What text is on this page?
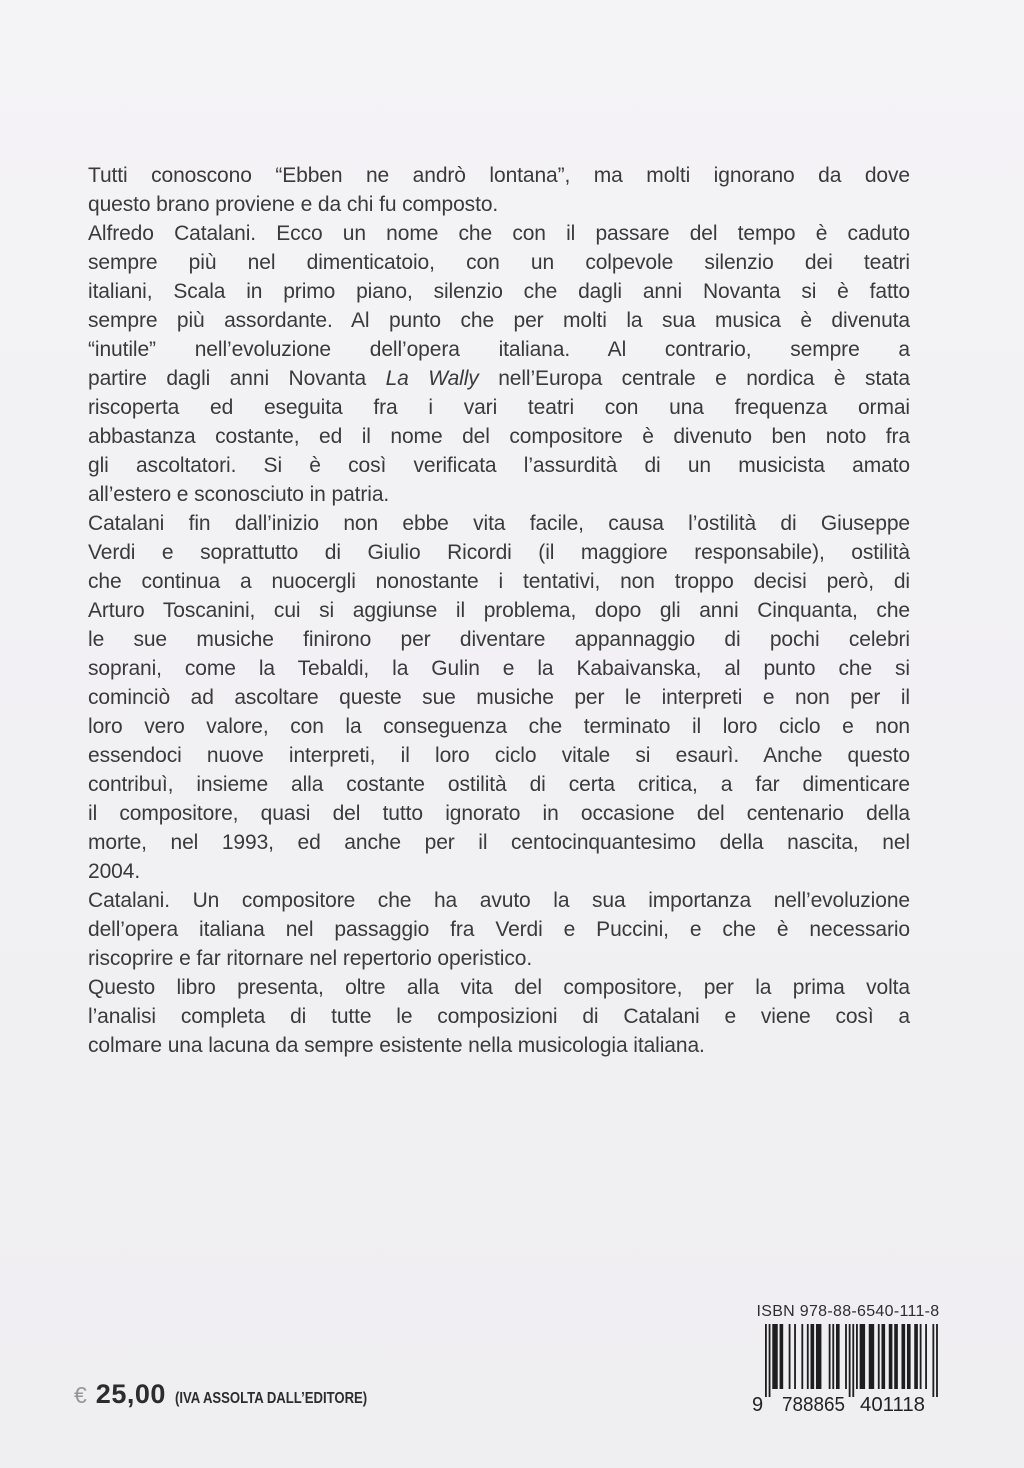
Tutti conoscono “Ebben ne andrò lontana”, ma molti ignorano da dove
questo brano proviene e da chi fu composto.
Alfredo Catalani. Ecco un nome che con il passare del tempo è caduto
sempre più nel dimenticatoio, con un colpevole silenzio dei teatri
italiani, Scala in primo piano, silenzio che dagli anni Novanta si è fatto
sempre più assordante. Al punto che per molti la sua musica è divenuta
“inutile” nell’evoluzione dell’opera italiana. Al contrario, sempre a
partire dagli anni Novanta La Wally nell’Europa centrale e nordica è stata
riscoperta ed eseguita fra i vari teatri con una frequenza ormai
abbastanza costante, ed il nome del compositore è divenuto ben noto fra
gli ascoltatori. Si è così verificata l’assurdità di un musicista amato
all’estero e sconosciuto in patria.
Catalani fin dall’inizio non ebbe vita facile, causa l’ostilità di Giuseppe
Verdi e soprattutto di Giulio Ricordi (il maggiore responsabile), ostilità
che continua a nuocergli nonostante i tentativi, non troppo decisi però, di
Arturo Toscanini, cui si aggiunse il problema, dopo gli anni Cinquanta, che
le sue musiche finirono per diventare appannaggio di pochi celebri
soprani, come la Tebaldi, la Gulin e la Kabaivanska, al punto che si
cominciò ad ascoltare queste sue musiche per le interpreti e non per il
loro vero valore, con la conseguenza che terminato il loro ciclo e non
essendoci nuove interpreti, il loro ciclo vitale si esaurì. Anche questo
contribuì, insieme alla costante ostilità di certa critica, a far dimenticare
il compositore, quasi del tutto ignorato in occasione del centenario della
morte, nel 1993, ed anche per il centocinquantesimo della nascita, nel
2004.
Catalani. Un compositore che ha avuto la sua importanza nell’evoluzione
dell’opera italiana nel passaggio fra Verdi e Puccini, e che è necessario
riscoprire e far ritornare nel repertorio operistico.
Questo libro presenta, oltre alla vita del compositore, per la prima volta
l’analisi completa di tutte le composizioni di Catalani e viene così a
colmare una lacuna da sempre esistente nella musicologia italiana.
ISBN 978-88-6540-111-8
9 788865 401118
€ 25,00 (IVA ASSOLTA DALL’EDITORE)
